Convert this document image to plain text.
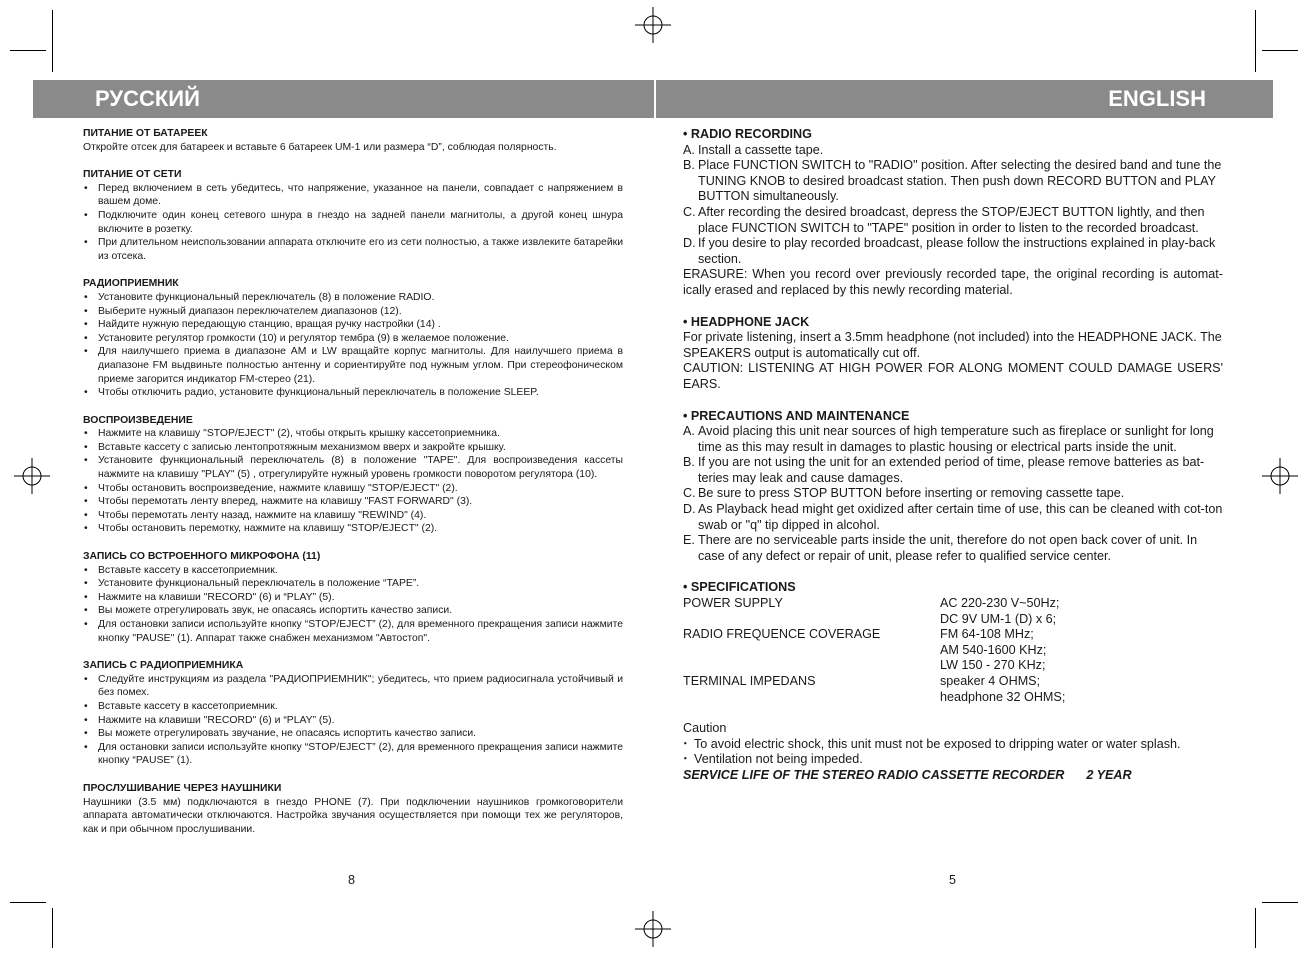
РУССКИЙ	ENGLISH
ПИТАНИЕ ОТ БАТАРЕЕК

Откройте отсек для батареек и вставьте 6 батареек UM-1 или размера “D”, соблюдая полярность.

ПИТАНИЕ ОТ СЕТИ
• Перед включением в сеть убедитесь, что напряжение, указанное на панели, совпадает с напряжением в вашем доме.
• Подключите один конец сетевого шнура в гнездо на задней панели магнитолы, а другой конец шнура включите в розетку.
• При длительном неиспользовании аппарата отключите его из сети полностью, а также извлеките батарейки из отсека.
РАДИОПРИЕМНИК
• Установите функциональный переключатель (8) в положение RADIO.
• Выберите нужный диапазон переключателем диапазонов (12).
• Найдите нужную передающую станцию, вращая ручку настройки (14) .
• Установите регулятор громкости (10) и регулятор тембра (9) в желаемое положение.
• Для наилучшего приема в диапазоне AM и LW вращайте корпус магнитолы. Для наилучшего приема в диапазоне FM выдвиньте полностью антенну и сориентируйте под нужным углом. При стереофоническом приеме загорится индикатор FM-стерео (21).
• Чтобы отключить радио, установите функциональный переключатель в положение SLEEP.
ВОСПРОИЗВЕДЕНИЕ
• Нажмите на клавишу "STOP/EJECT" (2), чтобы открыть крышку кассетоприемника.
• Вставьте кассету с записью лентопротяжным механизмом вверх и закройте крышку.
• Установите функциональный переключатель (8) в положение "TAPE". Для воспроизведения кассеты нажмите на клавишу "PLAY" (5) , отрегулируйте нужный уровень громкости поворотом регулятора (10).
• Чтобы остановить воспроизведение, нажмите клавишу "STOP/EJECT" (2).
• Чтобы перемотать ленту вперед, нажмите на клавишу "FAST FORWARD" (3).
• Чтобы перемотать ленту назад, нажмите на клавишу "REWIND" (4).
• Чтобы остановить перемотку, нажмите на клавишу "STOP/EJECT" (2).
ЗАПИСЬ СО ВСТРОЕННОГО МИКРОФОНА (11)
• Вставьте кассету в кассетоприемник.
• Установите функциональный переключатель в положение “TAPE”.
• Нажмите на клавиши "RECORD" (6) и “PLAY” (5).
• Вы можете отрегулировать звук, не опасаясь испортить качество записи.
• Для остановки записи используйте кнопку “STOP/EJECT” (2), для временного прекращения записи нажмите кнопку "PAUSE" (1). Аппарат также снабжен механизмом "Автостоп".
ЗАПИСЬ С РАДИОПРИЕМНИКА
• Следуйте инструкциям из раздела "РАДИОПРИЕМНИК"; убедитесь, что прием радиосигнала устойчивый и без помех.
• Вставьте кассету в кассетоприемник.
• Нажмите на клавиши "RECORD" (6) и “PLAY” (5).
• Вы можете отрегулировать звучание, не опасаясь испортить качество записи.
• Для остановки записи используйте кнопку “STOP/EJECT” (2), для временного прекращения записи нажмите кнопку “PAUSE” (1).
ПРОСЛУШИВАНИЕ ЧЕРЕЗ НАУШНИКИ

Наушники (3.5 мм) подключаются в гнездо PHONE (7). При подключении наушников громкоговорители аппарата автоматически отключаются. Настройка звучания осуществляется при помощи тех же регуляторов, как и при обычном прослушивании.

• RADIO RECORDING
A. Install a cassette tape.
B. Place FUNCTION SWITCH to "RADIO" position. After selecting the desired band and tune the TUNING KNOB to desired broadcast station. Then push down RECORD BUTTON and PLAY BUTTON simultaneously.
C. After recording the desired broadcast, depress the STOP/EJECT BUTTON lightly, and then place FUNCTION SWITCH to "TAPE" position in order to listen to the recorded broadcast.
D. If you desire to play recorded broadcast, please follow the instructions explained in play-back section.

ERASURE: When you record over previously recorded tape, the original recording is automat-ically erased and replaced by this newly recording material.

• HEADPHONE JACK

For private listening, insert a 3.5mm headphone (not included) into the HEADPHONE JACK. The SPEAKERS output is automatically cut off.

CAUTION: LISTENING AT HIGH POWER FOR ALONG MOMENT COULD DAMAGE USERS' EARS.

• PRECAUTIONS AND MAINTENANCE
A. Avoid placing this unit near sources of high temperature such as fireplace or sunlight for long time as this may result in damages to plastic housing or electrical parts inside the unit.
B. If you are not using the unit for an extended period of time, please remove batteries as bat-teries may leak and cause damages.
C. Be sure to press STOP BUTTON before inserting or removing cassette tape.
D. As Playback head might get oxidized after certain time of use, this can be cleaned with cot-ton swab or "q" tip dipped in alcohol.
E. There are no serviceable parts inside the unit, therefore do not open back cover of unit. In case of any defect or repair of unit, please refer to qualified service center.
• SPECIFICATIONS
POWER SUPPLY	AC 220-230 V~50Hz;
DC 9V UM-1 (D) x 6;
RADIO FREQUENCE COVERAGE	FM 64-108 MHz;
AM 540-1600 KHz;
LW 150 - 270 KHz;
TERMINAL IMPEDANS	speaker 4 OHMS;
headphone 32 OHMS;

Caution

・ To avoid electric shock, this unit must not be exposed to dripping water or water splash.
・ Ventilation not being impeded.

SERVICE LIFE OF THE STEREO RADIO CASSETTE RECORDER 2 YEAR

8	5
